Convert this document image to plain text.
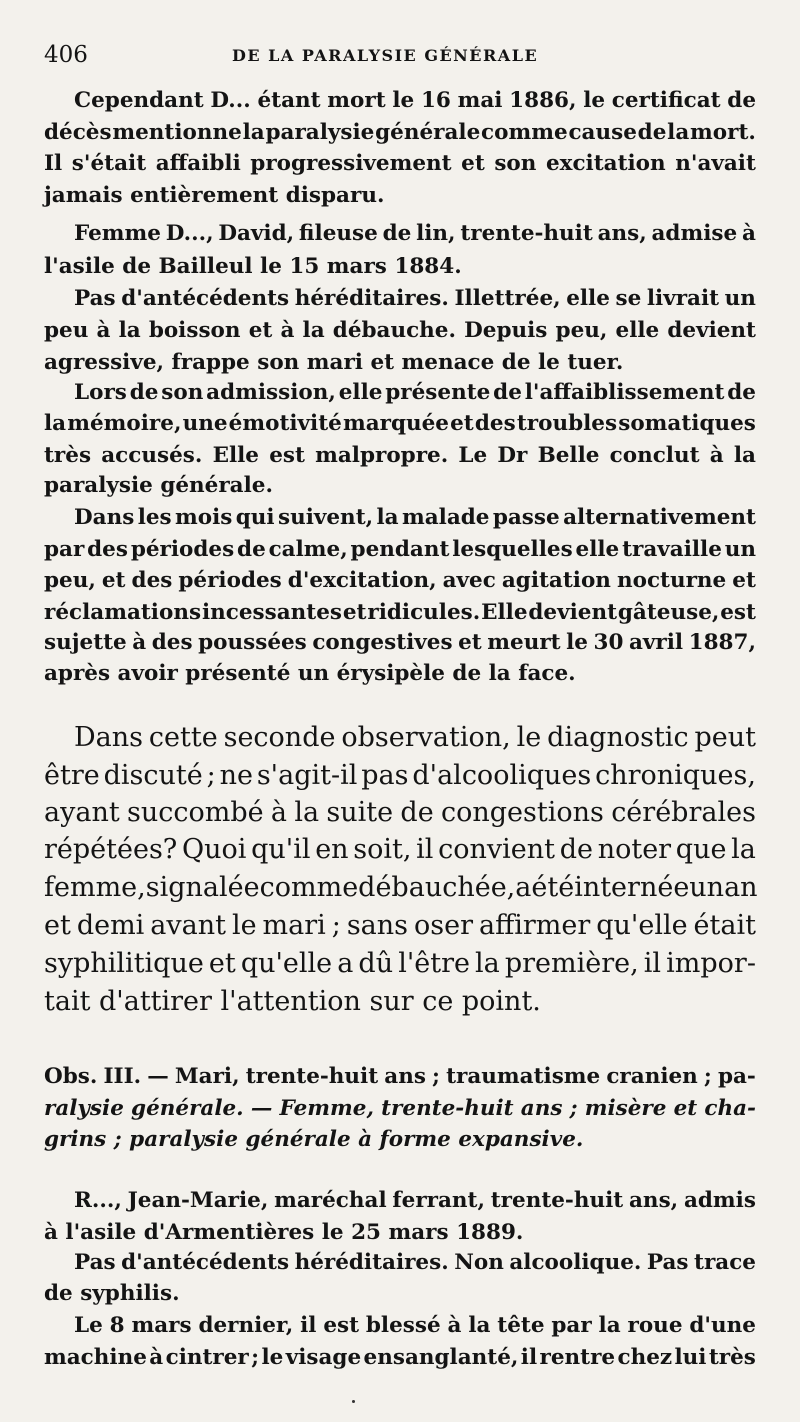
406	DE LA PARALYSIE GÉNÉRALE
Cependant D... étant mort le 16 mai 1886, le certificat de
décès mentionne la paralysie générale comme cause de la mort.
Il s'était affaibli progressivement et son excitation n'avait
jamais entièrement disparu.
Femme D..., David, fileuse de lin, trente-huit ans, admise à
l'asile de Bailleul le 15 mars 1884.
Pas d'antécédents héréditaires. Illettrée, elle se livrait un
peu à la boisson et à la débauche. Depuis peu, elle devient
agressive, frappe son mari et menace de le tuer.
Lors de son admission, elle présente de l'affaiblissement de
la mémoire, une émotivité marquée et des troubles somatiques
très accusés. Elle est malpropre. Le Dr Belle conclut à la
paralysie générale.
Dans les mois qui suivent, la malade passe alternativement
par des périodes de calme, pendant lesquelles elle travaille un
peu, et des périodes d'excitation, avec agitation nocturne et
réclamations incessantes et ridicules. Elle devient gâteuse, est
sujette à des poussées congestives et meurt le 30 avril 1887,
après avoir présenté un érysipèle de la face.
Dans cette seconde observation, le diagnostic peut
être discuté ; ne s'agit-il pas d'alcooliques chroniques,
ayant succombé à la suite de congestions cérébrales
répétées? Quoi qu'il en soit, il convient de noter que la
femme, signalée comme débauchée, a été internée un an
et demi avant le mari ; sans oser affirmer qu'elle était
syphilitique et qu'elle a dû l'être la première, il impor-
tait d'attirer l'attention sur ce point.
Obs. III. — Mari, trente-huit ans ; traumatisme cranien ; pa-
ralysie générale. — Femme, trente-huit ans ; misère et cha-
grins ; paralysie générale à forme expansive.
R..., Jean-Marie, maréchal ferrant, trente-huit ans, admis
à l'asile d'Armentières le 25 mars 1889.
Pas d'antécédents héréditaires. Non alcoolique. Pas trace
de syphilis.
Le 8 mars dernier, il est blessé à la tête par la roue d'une
machine à cintrer ; le visage ensanglanté, il rentre chez lui très
